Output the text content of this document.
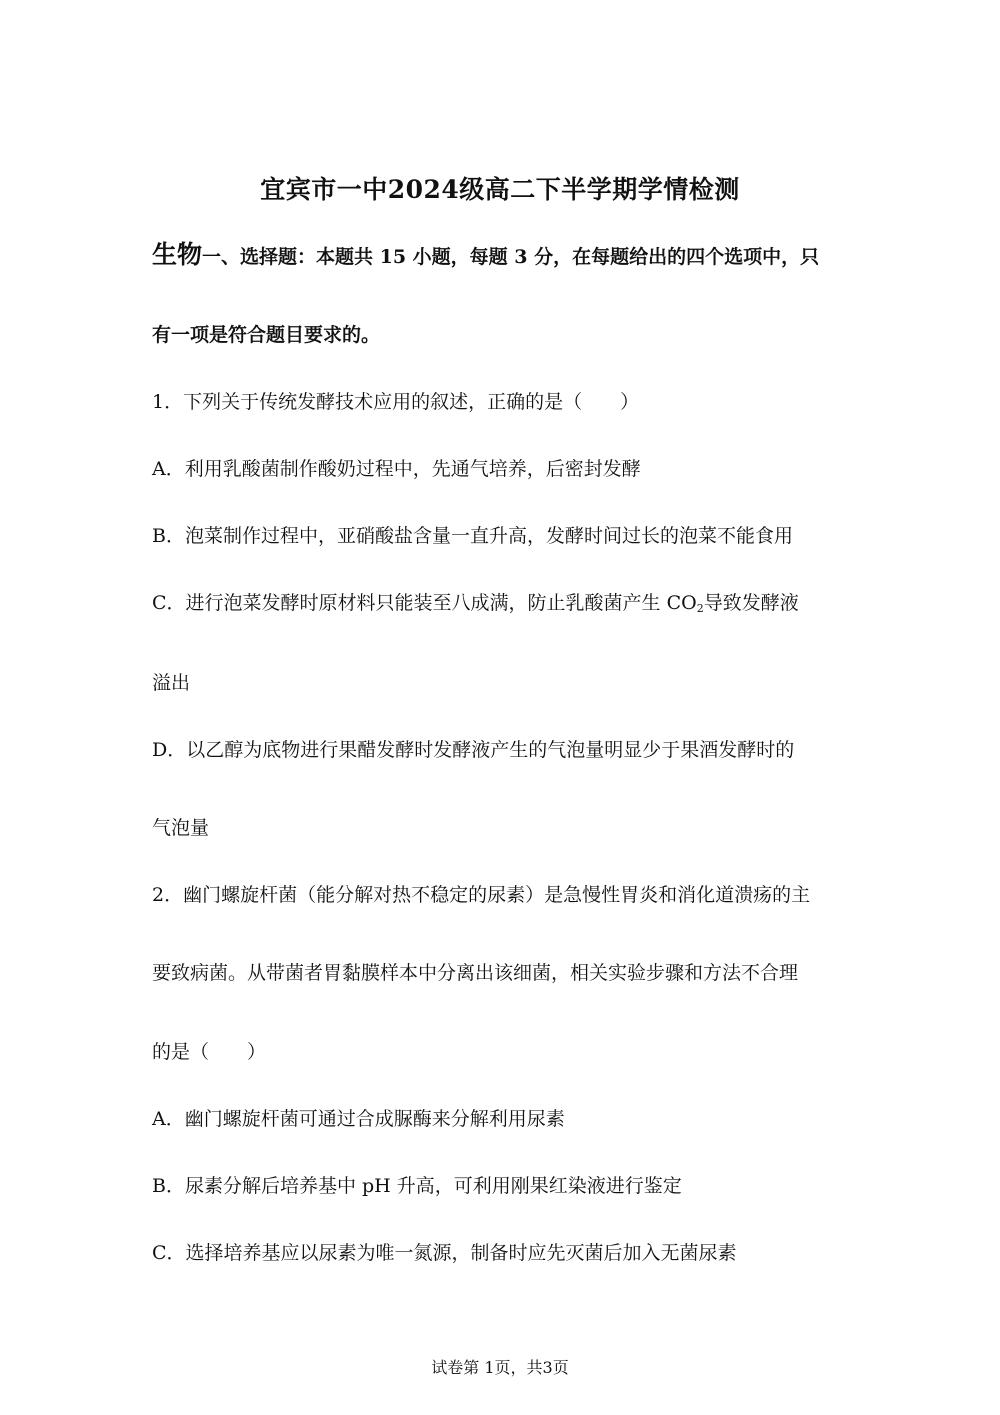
宜宾市一中2024级高二下半学期学情检测
生物一、选择题：本题共 15 小题，每题 3 分，在每题给出的四个选项中，只
有一项是符合题目要求的。
1．下列关于传统发酵技术应用的叙述，正确的是（　　）
A．利用乳酸菌制作酸奶过程中，先通气培养，后密封发酵
B．泡菜制作过程中，亚硝酸盐含量一直升高，发酵时间过长的泡菜不能食用
C．进行泡菜发酵时原材料只能装至八成满，防止乳酸菌产生 $CO_2$导致发酵液
溢出
D．以乙醇为底物进行果醋发酵时发酵液产生的气泡量明显少于果酒发酵时的
气泡量
2．幽门螺旋杆菌（能分解对热不稳定的尿素）是急慢性胃炎和消化道溃疡的主
要致病菌。从带菌者胃黏膜样本中分离出该细菌，相关实验步骤和方法不合理
的是（　　）
A．幽门螺旋杆菌可通过合成脲酶来分解利用尿素
B．尿素分解后培养基中 pH 升高，可利用刚果红染液进行鉴定
C．选择培养基应以尿素为唯一氮源，制备时应先灭菌后加入无菌尿素
试卷第 1页，共3页
